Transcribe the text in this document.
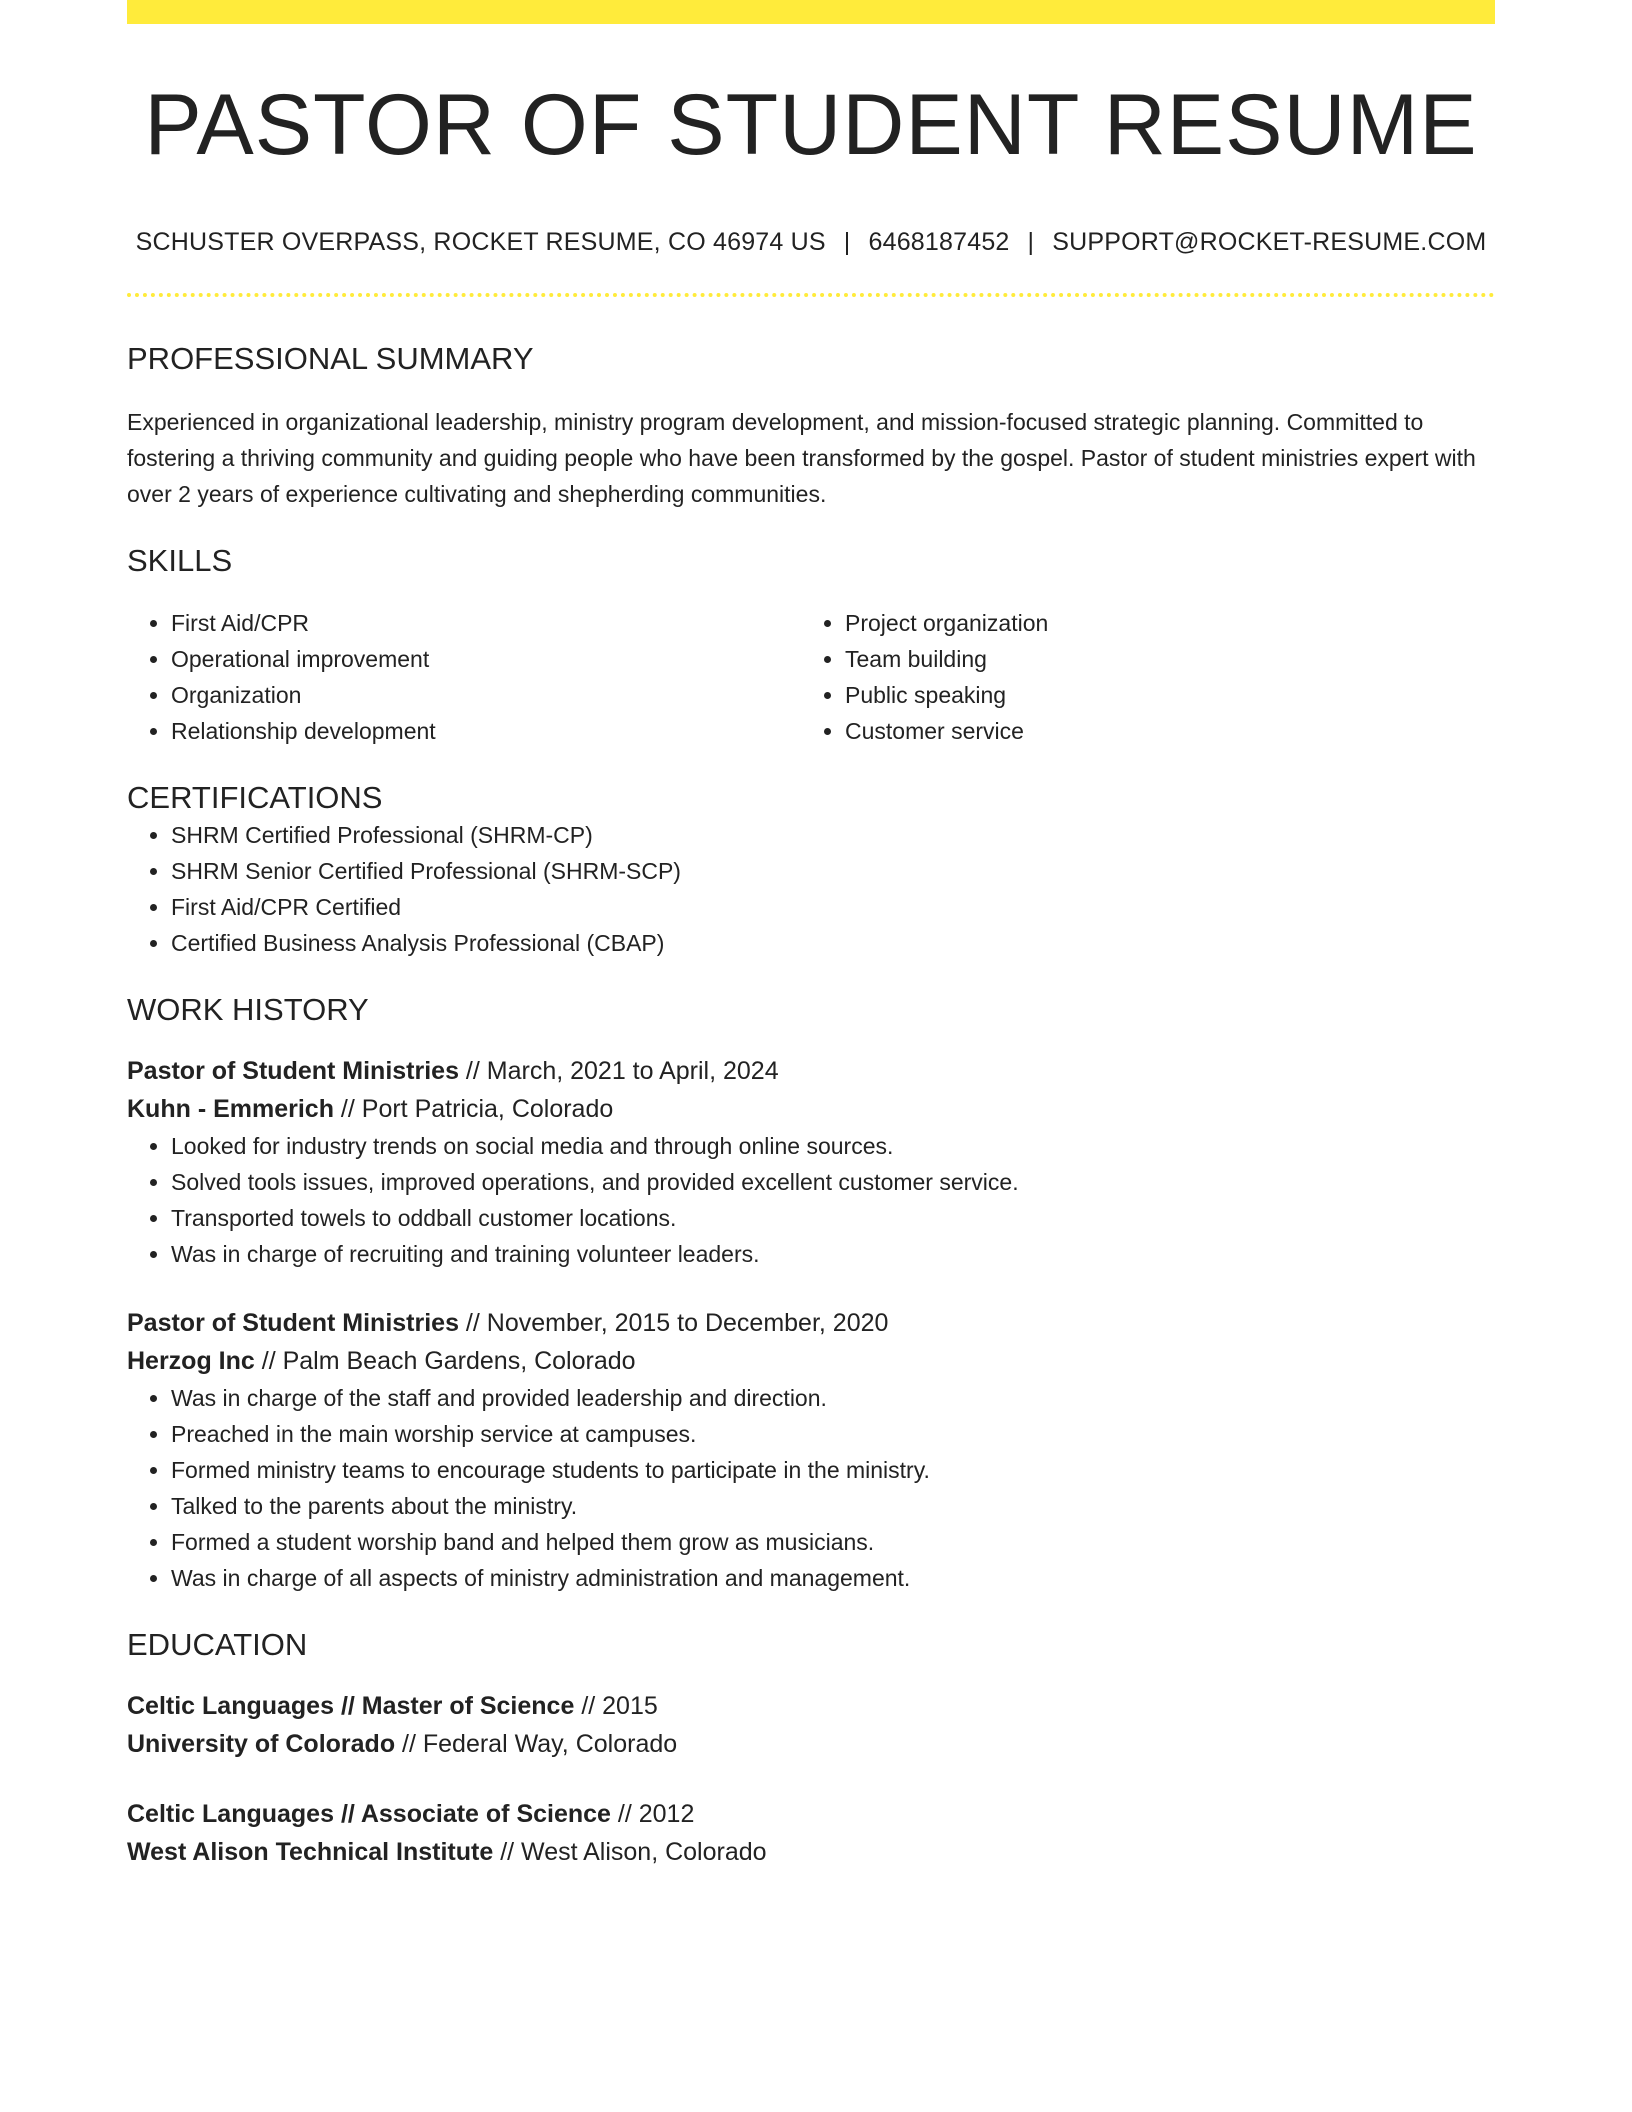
PASTOR OF STUDENT RESUME
SCHUSTER OVERPASS, ROCKET RESUME, CO 46974 US | 6468187452 | SUPPORT@ROCKET-RESUME.COM
PROFESSIONAL SUMMARY
Experienced in organizational leadership, ministry program development, and mission-focused strategic planning. Committed to fostering a thriving community and guiding people who have been transformed by the gospel. Pastor of student ministries expert with over 2 years of experience cultivating and shepherding communities.
SKILLS
• First Aid/CPR
• Operational improvement
• Organization
• Relationship development
• Project organization
• Team building
• Public speaking
• Customer service
CERTIFICATIONS
• SHRM Certified Professional (SHRM-CP)
• SHRM Senior Certified Professional (SHRM-SCP)
• First Aid/CPR Certified
• Certified Business Analysis Professional (CBAP)
WORK HISTORY
Pastor of Student Ministries // March, 2021 to April, 2024
Kuhn - Emmerich // Port Patricia, Colorado
• Looked for industry trends on social media and through online sources.
• Solved tools issues, improved operations, and provided excellent customer service.
• Transported towels to oddball customer locations.
• Was in charge of recruiting and training volunteer leaders.
Pastor of Student Ministries // November, 2015 to December, 2020
Herzog Inc // Palm Beach Gardens, Colorado
• Was in charge of the staff and provided leadership and direction.
• Preached in the main worship service at campuses.
• Formed ministry teams to encourage students to participate in the ministry.
• Talked to the parents about the ministry.
• Formed a student worship band and helped them grow as musicians.
• Was in charge of all aspects of ministry administration and management.
EDUCATION
Celtic Languages // Master of Science // 2015
University of Colorado // Federal Way, Colorado
Celtic Languages // Associate of Science // 2012
West Alison Technical Institute // West Alison, Colorado
